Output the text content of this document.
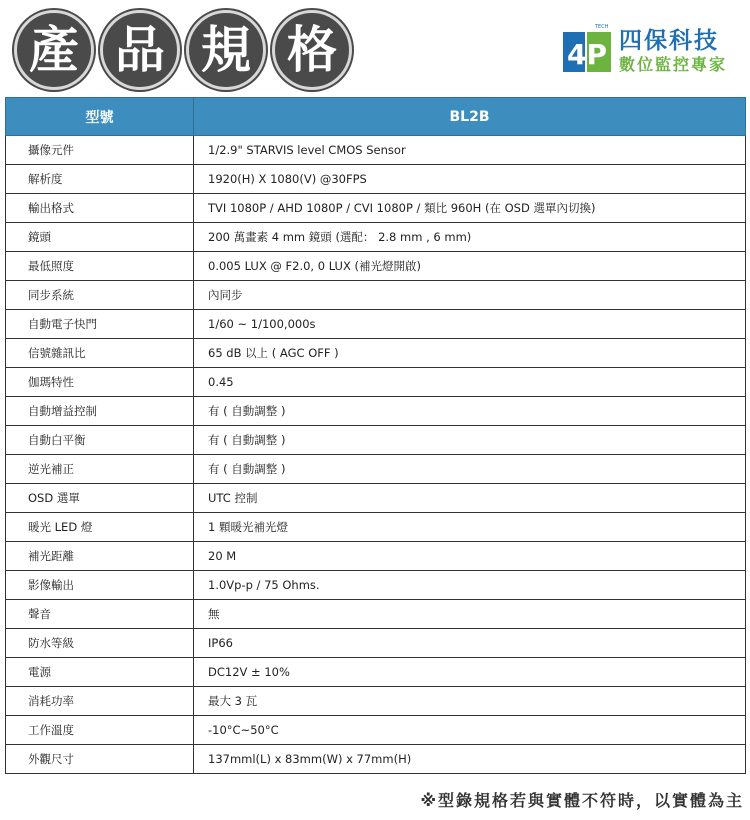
產 品 規 格	4P
TECH
四保科技
數位監控專家
型號	BL2B
攝像元件	1/2.9" STARVIS level CMOS Sensor
解析度	1920(H) X 1080(V) @30FPS
輸出格式	TVI 1080P / AHD 1080P / CVI 1080P / 類比 960H (在 OSD 選單內切換)
鏡頭	200 萬畫素 4 mm 鏡頭 (選配： 2.8 mm , 6 mm)
最低照度	0.005 LUX @ F2.0, 0 LUX (補光燈開啟)
同步系統	內同步
自動電子快門	1/60 ~ 1/100,000s
信號雜訊比	65 dB 以上 ( AGC OFF )
伽瑪特性	0.45
自動增益控制	有 ( 自動調整 )
自動白平衡	有 ( 自動調整 )
逆光補正	有 ( 自動調整 )
OSD 選單	UTC 控制
暖光 LED 燈	1 顆暖光補光燈
補光距離	20 M
影像輸出	1.0Vp-p / 75 Ohms.
聲音	無
防水等級	IP66
電源	DC12V ± 10%
消耗功率	最大 3 瓦
工作溫度	-10°C~50°C
外觀尺寸	137mml(L) x 83mm(W) x 77mm(H)
※型錄規格若與實體不符時，以實體為主
